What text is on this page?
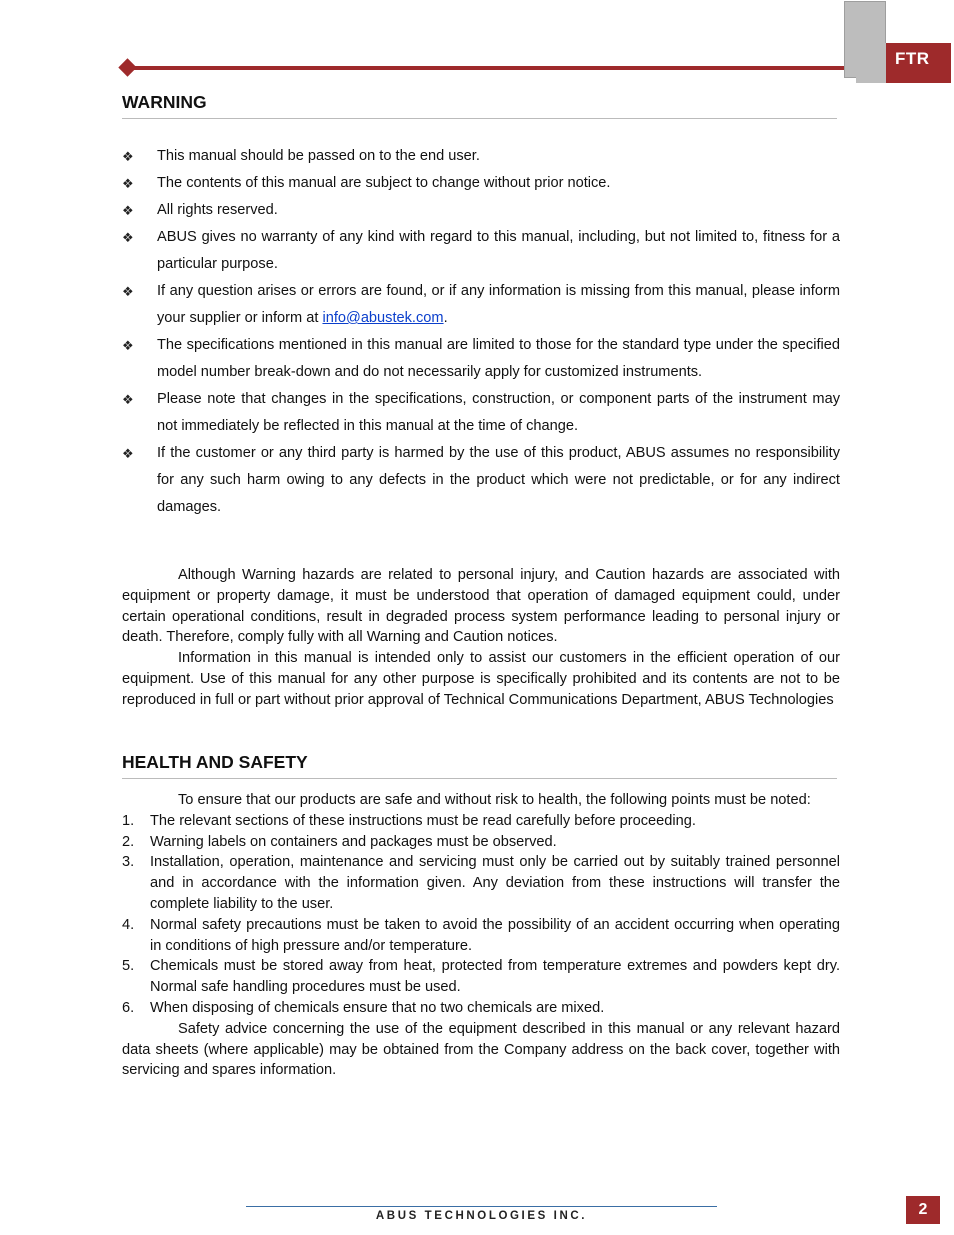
FTR
WARNING
❖ This manual should be passed on to the end user.
❖ The contents of this manual are subject to change without prior notice.
❖ All rights reserved.
❖ ABUS gives no warranty of any kind with regard to this manual, including, but not limited to, fitness for a particular purpose.
❖ If any question arises or errors are found, or if any information is missing from this manual, please inform your supplier or inform at info@abustek.com.
❖ The specifications mentioned in this manual are limited to those for the standard type under the specified model number break-down and do not necessarily apply for customized instruments.
❖ Please note that changes in the specifications, construction, or component parts of the instrument may not immediately be reflected in this manual at the time of change.
❖ If the customer or any third party is harmed by the use of this product, ABUS assumes no responsibility for any such harm owing to any defects in the product which were not predictable, or for any indirect damages.

Although Warning hazards are related to personal injury, and Caution hazards are associated with equipment or property damage, it must be understood that operation of damaged equipment could, under certain operational conditions, result in degraded process system performance leading to personal injury or death. Therefore, comply fully with all Warning and Caution notices.

Information in this manual is intended only to assist our customers in the efficient operation of our equipment. Use of this manual for any other purpose is specifically prohibited and its contents are not to be reproduced in full or part without prior approval of Technical Communications Department, ABUS Technologies

HEALTH AND SAFETY

To ensure that our products are safe and without risk to health, the following points must be noted:

1. The relevant sections of these instructions must be read carefully before proceeding.
2. Warning labels on containers and packages must be observed.
3. Installation, operation, maintenance and servicing must only be carried out by suitably trained personnel and in accordance with the information given. Any deviation from these instructions will transfer the complete liability to the user.
4. Normal safety precautions must be taken to avoid the possibility of an accident occurring when operating in conditions of high pressure and/or temperature.
5. Chemicals must be stored away from heat, protected from temperature extremes and powders kept dry. Normal safe handling procedures must be used.
6. When disposing of chemicals ensure that no two chemicals are mixed.

Safety advice concerning the use of the equipment described in this manual or any relevant hazard data sheets (where applicable) may be obtained from the Company address on the back cover, together with servicing and spares information.

ABUS TECHNOLOGIES INC.	2
